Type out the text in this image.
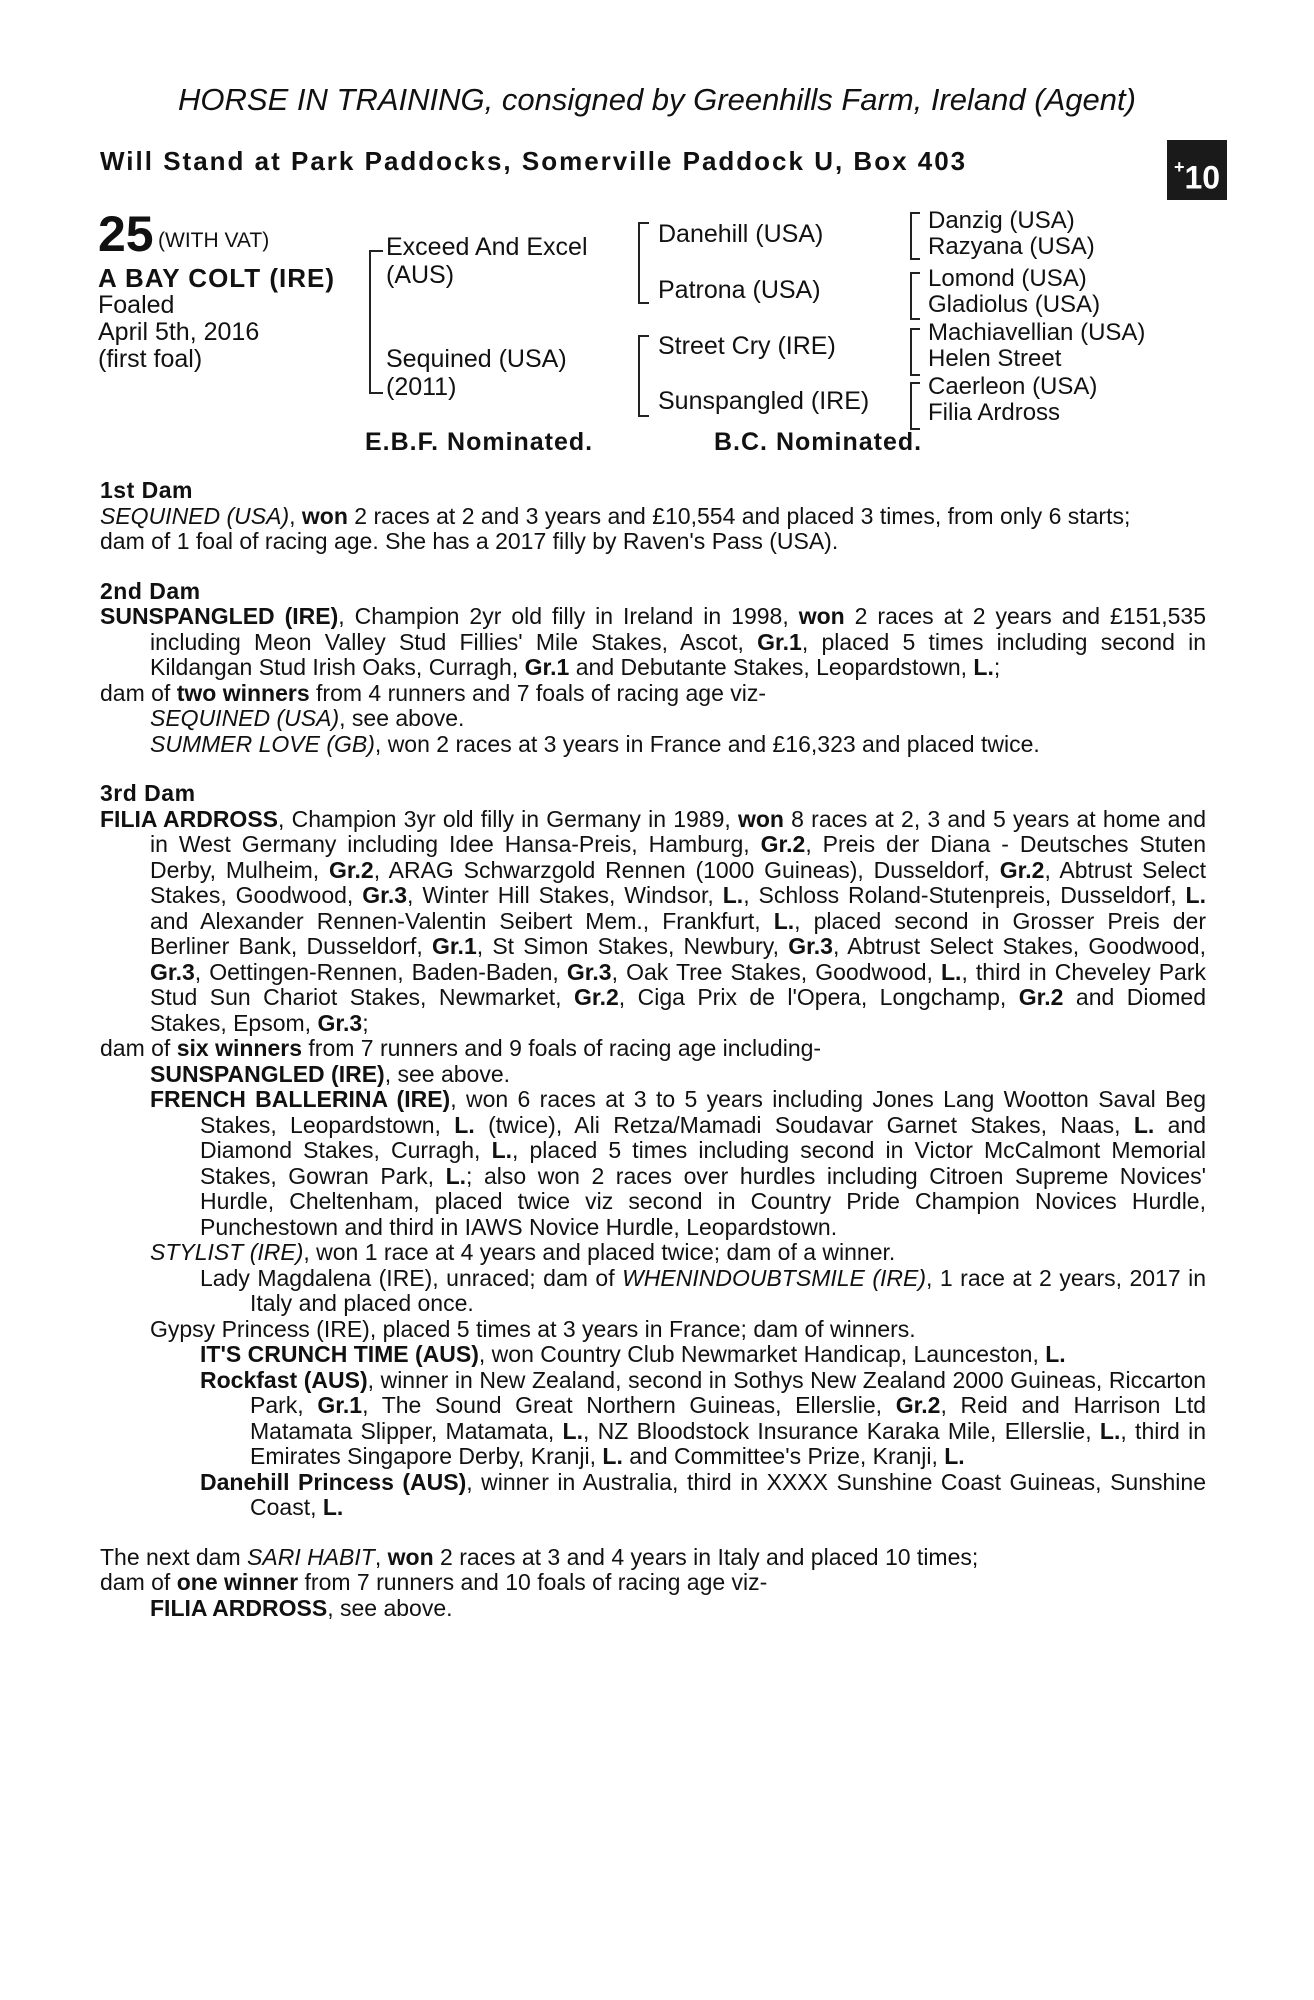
HORSE IN TRAINING, consigned by Greenhills Farm, Ireland (Agent)
Will Stand at Park Paddocks, Somerville Paddock U, Box 403	+10
25 (WITH VAT)
A BAY COLT (IRE)
Foaled
April 5th, 2016
(first foal)
Exceed And Excel
(AUS)
Sequined (USA)
(2011)
Danehill (USA)
Patrona (USA)
Street Cry (IRE)
Sunspangled (IRE)
Danzig (USA)
Razyana (USA)
Lomond (USA)
Gladiolus (USA)
Machiavellian (USA)
Helen Street
Caerleon (USA)
Filia Ardross
E.B.F. Nominated.	B.C. Nominated.

1st Dam

SEQUINED (USA), won 2 races at 2 and 3 years and £10,554 and placed 3 times, from only 6 starts;

dam of 1 foal of racing age. She has a 2017 filly by Raven's Pass (USA).

2nd Dam

SUNSPANGLED (IRE), Champion 2yr old filly in Ireland in 1998, won 2 races at 2 years and £151,535 including Meon Valley Stud Fillies' Mile Stakes, Ascot, Gr.1, placed 5 times including second in Kildangan Stud Irish Oaks, Curragh, Gr.1 and Debutante Stakes, Leopardstown, L.;

dam of two winners from 4 runners and 7 foals of racing age viz-

SEQUINED (USA), see above.

SUMMER LOVE (GB), won 2 races at 3 years in France and £16,323 and placed twice.

3rd Dam

FILIA ARDROSS, Champion 3yr old filly in Germany in 1989, won 8 races at 2, 3 and 5 years at home and in West Germany including Idee Hansa-Preis, Hamburg, Gr.2, Preis der Diana - Deutsches Stuten Derby, Mulheim, Gr.2, ARAG Schwarzgold Rennen (1000 Guineas), Dusseldorf, Gr.2, Abtrust Select Stakes, Goodwood, Gr.3, Winter Hill Stakes, Windsor, L., Schloss Roland-Stutenpreis, Dusseldorf, L. and Alexander Rennen-Valentin Seibert Mem., Frankfurt, L., placed second in Grosser Preis der Berliner Bank, Dusseldorf, Gr.1, St Simon Stakes, Newbury, Gr.3, Abtrust Select Stakes, Goodwood, Gr.3, Oettingen-Rennen, Baden-Baden, Gr.3, Oak Tree Stakes, Goodwood, L., third in Cheveley Park Stud Sun Chariot Stakes, Newmarket, Gr.2, Ciga Prix de l'Opera, Longchamp, Gr.2 and Diomed Stakes, Epsom, Gr.3;

dam of six winners from 7 runners and 9 foals of racing age including-

SUNSPANGLED (IRE), see above.

FRENCH BALLERINA (IRE), won 6 races at 3 to 5 years including Jones Lang Wootton Saval Beg Stakes, Leopardstown, L. (twice), Ali Retza/Mamadi Soudavar Garnet Stakes, Naas, L. and Diamond Stakes, Curragh, L., placed 5 times including second in Victor McCalmont Memorial Stakes, Gowran Park, L.; also won 2 races over hurdles including Citroen Supreme Novices' Hurdle, Cheltenham, placed twice viz second in Country Pride Champion Novices Hurdle, Punchestown and third in IAWS Novice Hurdle, Leopardstown.

STYLIST (IRE), won 1 race at 4 years and placed twice; dam of a winner.

Lady Magdalena (IRE), unraced; dam of WHENINDOUBTSMILE (IRE), 1 race at 2 years, 2017 in Italy and placed once.

Gypsy Princess (IRE), placed 5 times at 3 years in France; dam of winners.

IT'S CRUNCH TIME (AUS), won Country Club Newmarket Handicap, Launceston, L.

Rockfast (AUS), winner in New Zealand, second in Sothys New Zealand 2000 Guineas, Riccarton Park, Gr.1, The Sound Great Northern Guineas, Ellerslie, Gr.2, Reid and Harrison Ltd Matamata Slipper, Matamata, L., NZ Bloodstock Insurance Karaka Mile, Ellerslie, L., third in Emirates Singapore Derby, Kranji, L. and Committee's Prize, Kranji, L.

Danehill Princess (AUS), winner in Australia, third in XXXX Sunshine Coast Guineas, Sunshine Coast, L.

The next dam SARI HABIT, won 2 races at 3 and 4 years in Italy and placed 10 times;

dam of one winner from 7 runners and 10 foals of racing age viz-

FILIA ARDROSS, see above.
